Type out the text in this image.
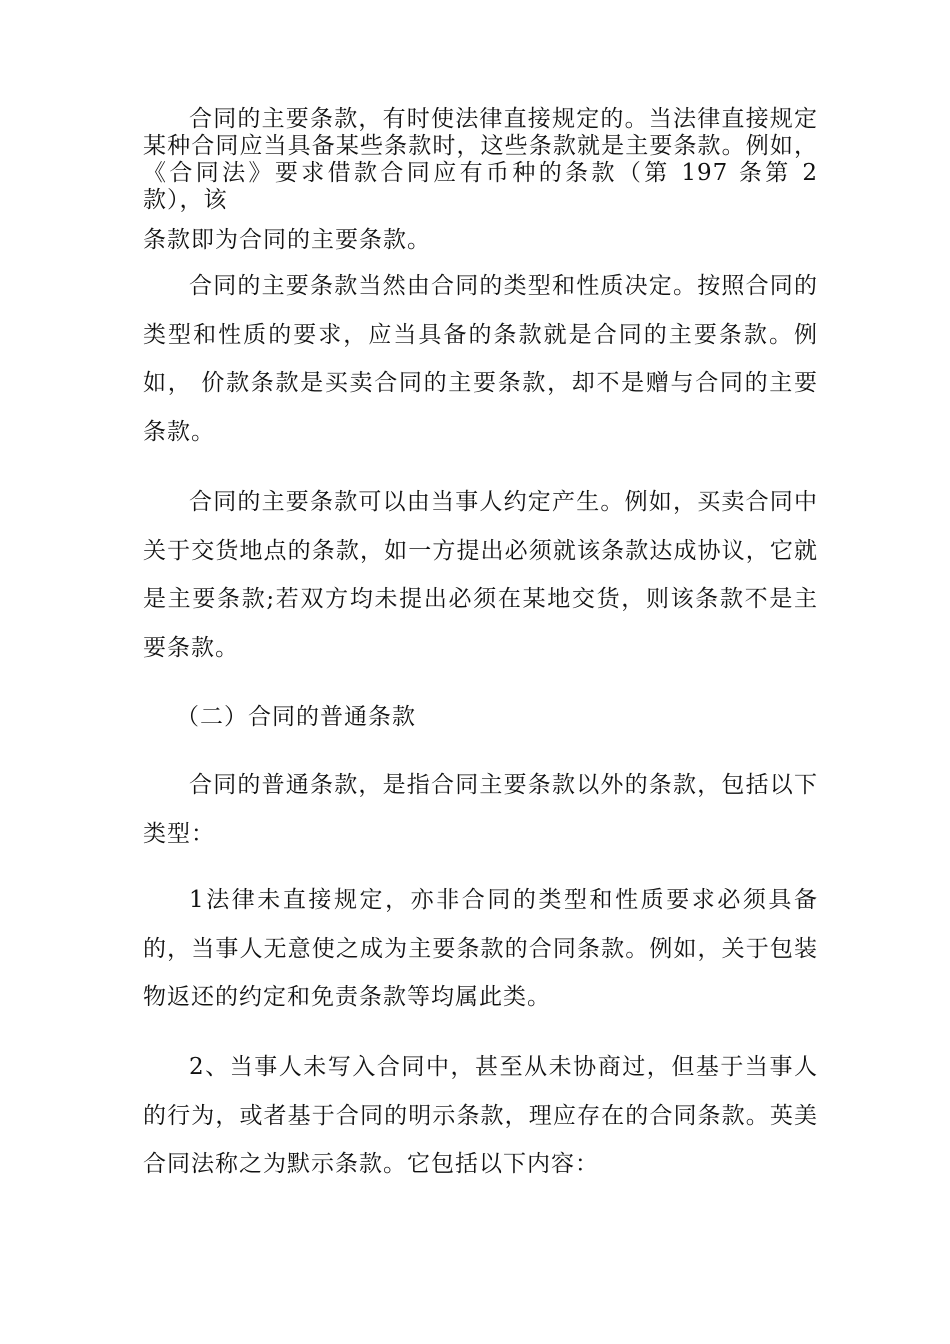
合同的主要条款，有时使法律直接规定的。当法律直接规定某种合同应当具备某些条款时，这些条款就是主要条款。例如，《合同法》要求借款合同应有币种的条款（第 197 条第 2 款），该
条款即为合同的主要条款。

合同的主要条款当然由合同的类型和性质决定。按照合同的类型和性质的要求，应当具备的条款就是合同的主要条款。例如， 价款条款是买卖合同的主要条款，却不是赠与合同的主要条款。

合同的主要条款可以由当事人约定产生。例如，买卖合同中关于交货地点的条款，如一方提出必须就该条款达成协议，它就是主要条款;若双方均未提出必须在某地交货，则该条款不是主要条款。

（二）合同的普通条款

合同的普通条款，是指合同主要条款以外的条款，包括以下类型：

1法律未直接规定，亦非合同的类型和性质要求必须具备的，当事人无意使之成为主要条款的合同条款。例如，关于包装物返还的约定和免责条款等均属此类。

2、当事人未写入合同中，甚至从未协商过，但基于当事人的行为，或者基于合同的明示条款，理应存在的合同条款。英美合同法称之为默示条款。它包括以下内容：
